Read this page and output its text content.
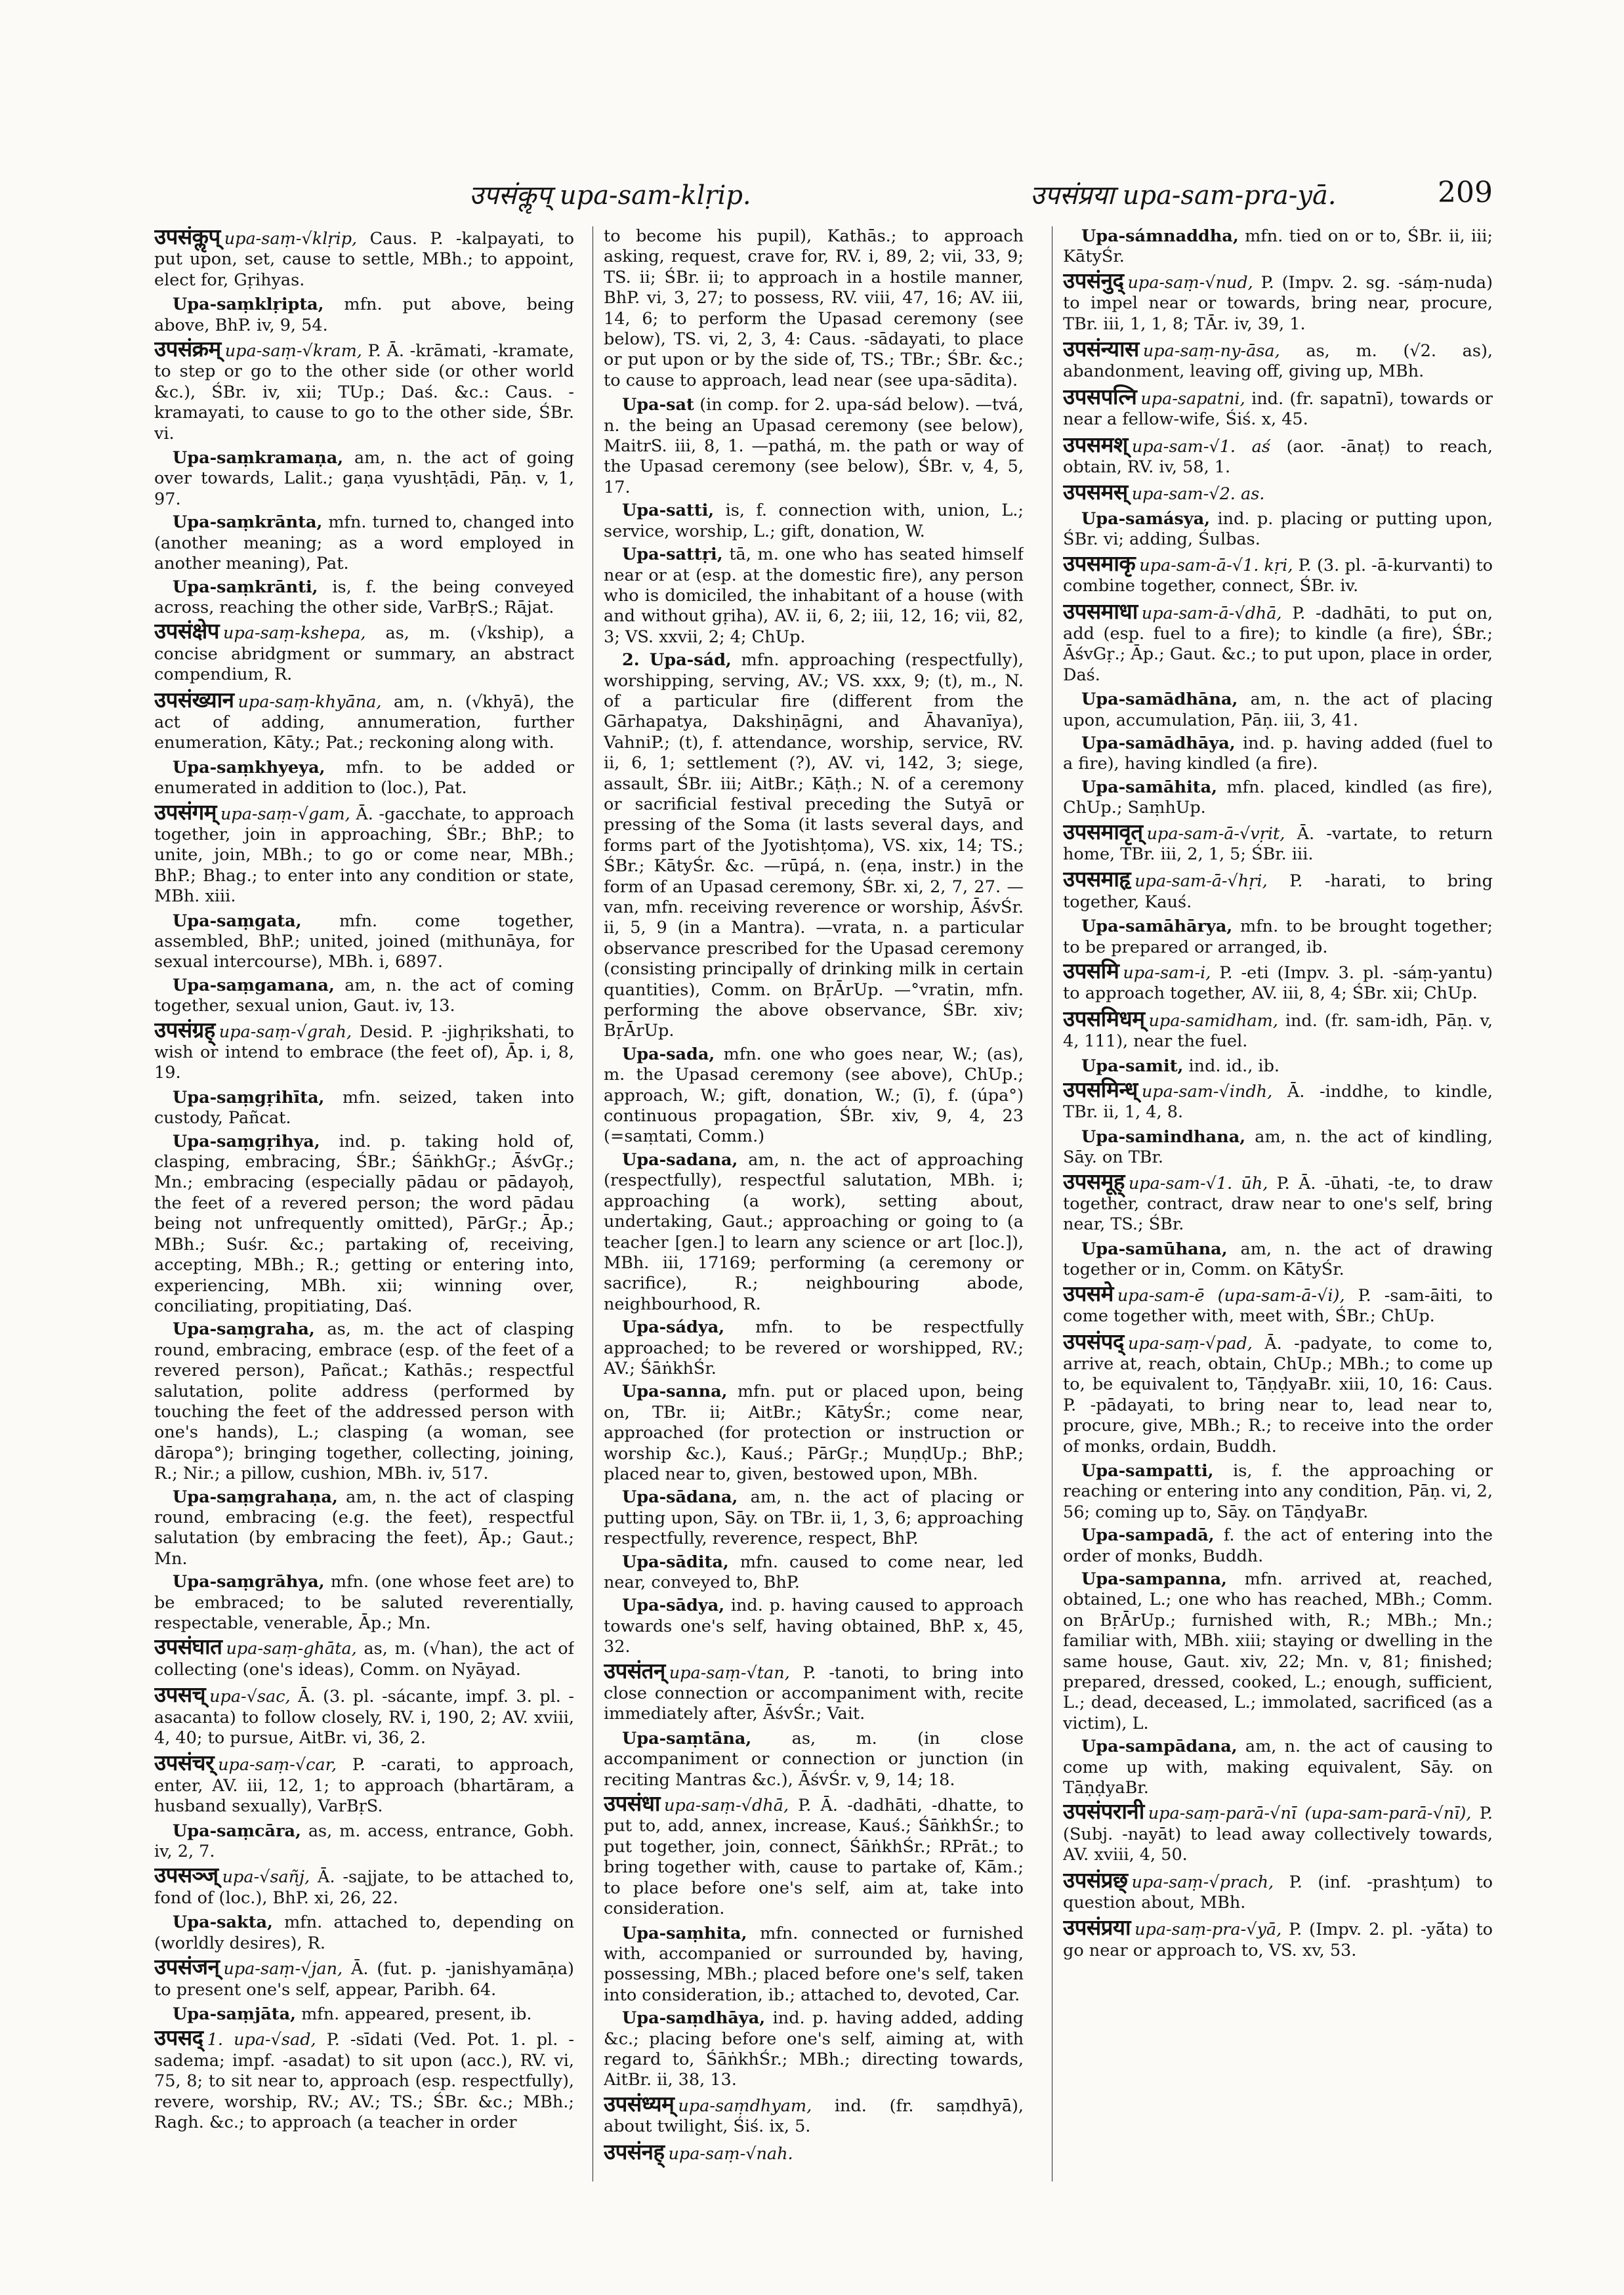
उपसंकॢप् upa-sam-klṛip.	उपसंप्रया upa-sam-pra-yā.	209

उपसंकॢप् upa-saṃ-√klṛip, Caus. P. -kalpayati, to put upon, set, cause to settle, MBh.; to appoint, elect for, Gṛihyas.

Upa-saṃklṛipta, mfn. put above, being above, BhP. iv, 9, 54.

उपसंक्रम् upa-saṃ-√kram, P. Ā. -krāmati, -kramate, to step or go to the other side (or other world &c.), ŚBr. iv, xii; TUp.; Daś. &c.: Caus. -kramayati, to cause to go to the other side, ŚBr. vi.

Upa-saṃkramaṇa, am, n. the act of going over towards, Lalit.; gaṇa vyushṭādi, Pāṇ. v, 1, 97.

Upa-saṃkrānta, mfn. turned to, changed into (another meaning; as a word employed in another meaning), Pat.

Upa-saṃkrānti, is, f. the being conveyed across, reaching the other side, VarBṛS.; Rājat.

उपसंक्षेप upa-saṃ-kshepa, as, m. (√kship), a concise abridgment or summary, an abstract compendium, R.

उपसंख्यान upa-saṃ-khyāna, am, n. (√khyā), the act of adding, annumeration, further enumeration, Kāty.; Pat.; reckoning along with.

Upa-saṃkhyeya, mfn. to be added or enumerated in addition to (loc.), Pat.

उपसंगम् upa-saṃ-√gam, Ā. -gacchate, to approach together, join in approaching, ŚBr.; BhP.; to unite, join, MBh.; to go or come near, MBh.; BhP.; Bhag.; to enter into any condition or state, MBh. xiii.

Upa-saṃgata, mfn. come together, assembled, BhP.; united, joined (mithunāya, for sexual intercourse), MBh. i, 6897.

Upa-saṃgamana, am, n. the act of coming together, sexual union, Gaut. iv, 13.

उपसंग्रह् upa-saṃ-√grah, Desid. P. -jighṛikshati, to wish or intend to embrace (the feet of), Āp. i, 8, 19.

Upa-saṃgṛihīta, mfn. seized, taken into custody, Pañcat.

Upa-saṃgṛihya, ind. p. taking hold of, clasping, embracing, ŚBr.; ŚāṅkhGṛ.; ĀśvGṛ.; Mn.; embracing (especially pādau or pādayoḥ, the feet of a revered person; the word pādau being not unfrequently omitted), PārGṛ.; Āp.; MBh.; Suśr. &c.; partaking of, receiving, accepting, MBh.; R.; getting or entering into, experiencing, MBh. xii; winning over, conciliating, propitiating, Daś.

Upa-saṃgraha, as, m. the act of clasping round, embracing, embrace (esp. of the feet of a revered person), Pañcat.; Kathās.; respectful salutation, polite address (performed by touching the feet of the addressed person with one's hands), L.; clasping (a woman, see dāropa°); bringing together, collecting, joining, R.; Nir.; a pillow, cushion, MBh. iv, 517.

Upa-saṃgrahaṇa, am, n. the act of clasping round, embracing (e.g. the feet), respectful salutation (by embracing the feet), Āp.; Gaut.; Mn.

Upa-saṃgrāhya, mfn. (one whose feet are) to be embraced; to be saluted reverentially, respectable, venerable, Āp.; Mn.

उपसंघात upa-saṃ-ghāta, as, m. (√han), the act of collecting (one's ideas), Comm. on Nyāyad.

उपसच् upa-√sac, Ā. (3. pl. -sácante, impf. 3. pl. -asacanta) to follow closely, RV. i, 190, 2; AV. xviii, 4, 40; to pursue, AitBr. vi, 36, 2.

उपसंचर् upa-saṃ-√car, P. -carati, to approach, enter, AV. iii, 12, 1; to approach (bhartāram, a husband sexually), VarBṛS.

Upa-saṃcāra, as, m. access, entrance, Gobh. iv, 2, 7.

उपसञ्ज् upa-√sañj, Ā. -sajjate, to be attached to, fond of (loc.), BhP. xi, 26, 22.

Upa-sakta, mfn. attached to, depending on (worldly desires), R.

उपसंजन् upa-saṃ-√jan, Ā. (fut. p. -janishyamāṇa) to present one's self, appear, Paribh. 64.

Upa-saṃjāta, mfn. appeared, present, ib.

उपसद् 1. upa-√sad, P. -sīdati (Ved. Pot. 1. pl. -sadema; impf. -asadat) to sit upon (acc.), RV. vi, 75, 8; to sit near to, approach (esp. respectfully), revere, worship, RV.; AV.; TS.; ŚBr. &c.; MBh.; Ragh. &c.; to approach (a teacher in order

to become his pupil), Kathās.; to approach asking, request, crave for, RV. i, 89, 2; vii, 33, 9; TS. ii; ŚBr. ii; to approach in a hostile manner, BhP. vi, 3, 27; to possess, RV. viii, 47, 16; AV. iii, 14, 6; to perform the Upasad ceremony (see below), TS. vi, 2, 3, 4: Caus. -sādayati, to place or put upon or by the side of, TS.; TBr.; ŚBr. &c.; to cause to approach, lead near (see upa-sādita).

Upa-sat (in comp. for 2. upa-sád below). —tvá, n. the being an Upasad ceremony (see below), MaitrS. iii, 8, 1. —pathá, m. the path or way of the Upasad ceremony (see below), ŚBr. v, 4, 5, 17.

Upa-satti, is, f. connection with, union, L.; service, worship, L.; gift, donation, W.

Upa-sattṛi, tā, m. one who has seated himself near or at (esp. at the domestic fire), any person who is domiciled, the inhabitant of a house (with and without gṛiha), AV. ii, 6, 2; iii, 12, 16; vii, 82, 3; VS. xxvii, 2; 4; ChUp.

2. Upa-sád, mfn. approaching (respectfully), worshipping, serving, AV.; VS. xxx, 9; (t), m., N. of a particular fire (different from the Gārhapatya, Dakshiṇāgni, and Āhavanīya), VahniP.; (t), f. attendance, worship, service, RV. ii, 6, 1; settlement (?), AV. vi, 142, 3; siege, assault, ŚBr. iii; AitBr.; Kāṭh.; N. of a ceremony or sacrificial festival preceding the Sutyā or pressing of the Soma (it lasts several days, and forms part of the Jyotishṭoma), VS. xix, 14; TS.; ŚBr.; KātyŚr. &c. —rūpá, n. (eṇa, instr.) in the form of an Upasad ceremony, ŚBr. xi, 2, 7, 27. —van, mfn. receiving reverence or worship, ĀśvŚr. ii, 5, 9 (in a Mantra). —vrata, n. a particular observance prescribed for the Upasad ceremony (consisting principally of drinking milk in certain quantities), Comm. on BṛĀrUp. —°vratin, mfn. performing the above observance, ŚBr. xiv; BṛĀrUp.

Upa-sada, mfn. one who goes near, W.; (as), m. the Upasad ceremony (see above), ChUp.; approach, W.; gift, donation, W.; (ī), f. (úpa°) continuous propagation, ŚBr. xiv, 9, 4, 23 (=saṃtati, Comm.)

Upa-sadana, am, n. the act of approaching (respectfully), respectful salutation, MBh. i; approaching (a work), setting about, undertaking, Gaut.; approaching or going to (a teacher [gen.] to learn any science or art [loc.]), MBh. iii, 17169; performing (a ceremony or sacrifice), R.; neighbouring abode, neighbourhood, R.

Upa-sádya, mfn. to be respectfully approached; to be revered or worshipped, RV.; AV.; ŚāṅkhŚr.

Upa-sanna, mfn. put or placed upon, being on, TBr. ii; AitBr.; KātyŚr.; come near, approached (for protection or instruction or worship &c.), Kauś.; PārGṛ.; MuṇḍUp.; BhP.; placed near to, given, bestowed upon, MBh.

Upa-sādana, am, n. the act of placing or putting upon, Sāy. on TBr. ii, 1, 3, 6; approaching respectfully, reverence, respect, BhP.

Upa-sādita, mfn. caused to come near, led near, conveyed to, BhP.

Upa-sādya, ind. p. having caused to approach towards one's self, having obtained, BhP. x, 45, 32.

उपसंतन् upa-saṃ-√tan, P. -tanoti, to bring into close connection or accompaniment with, recite immediately after, ĀśvŚr.; Vait.

Upa-saṃtāna, as, m. (in close accompaniment or connection or junction (in reciting Mantras &c.), ĀśvŚr. v, 9, 14; 18.

उपसंधा upa-saṃ-√dhā, P. Ā. -dadhāti, -dhatte, to put to, add, annex, increase, Kauś.; ŚāṅkhŚr.; to put together, join, connect, ŚāṅkhŚr.; RPrāt.; to bring together with, cause to partake of, Kām.; to place before one's self, aim at, take into consideration.

Upa-saṃhita, mfn. connected or furnished with, accompanied or surrounded by, having, possessing, MBh.; placed before one's self, taken into consideration, ib.; attached to, devoted, Car.

Upa-saṃdhāya, ind. p. having added, adding &c.; placing before one's self, aiming at, with regard to, ŚāṅkhŚr.; MBh.; directing towards, AitBr. ii, 38, 13.

उपसंध्यम् upa-saṃdhyam, ind. (fr. saṃdhyā), about twilight, Śiś. ix, 5.

उपसंनह् upa-saṃ-√nah.

Upa-sámnaddha, mfn. tied on or to, ŚBr. ii, iii; KātyŚr.

उपसंनुद् upa-saṃ-√nud, P. (Impv. 2. sg. -sáṃ-nuda) to impel near or towards, bring near, procure, TBr. iii, 1, 1, 8; TĀr. iv, 39, 1.

उपसंन्यास upa-saṃ-ny-āsa, as, m. (√2. as), abandonment, leaving off, giving up, MBh.

उपसपत्नि upa-sapatni, ind. (fr. sapatnī), towards or near a fellow-wife, Śiś. x, 45.

उपसमश् upa-sam-√1. aś (aor. -ānaṭ) to reach, obtain, RV. iv, 58, 1.

उपसमस् upa-sam-√2. as.

Upa-samásya, ind. p. placing or putting upon, ŚBr. vi; adding, Śulbas.

उपसमाकृ upa-sam-ā-√1. kṛi, P. (3. pl. -ā-kurvanti) to combine together, connect, ŚBr. iv.

उपसमाधा upa-sam-ā-√dhā, P. -dadhāti, to put on, add (esp. fuel to a fire); to kindle (a fire), ŚBr.; ĀśvGṛ.; Āp.; Gaut. &c.; to put upon, place in order, Daś.

Upa-samādhāna, am, n. the act of placing upon, accumulation, Pāṇ. iii, 3, 41.

Upa-samādhāya, ind. p. having added (fuel to a fire), having kindled (a fire).

Upa-samāhita, mfn. placed, kindled (as fire), ChUp.; SaṃhUp.

उपसमावृत् upa-sam-ā-√vṛit, Ā. -vartate, to return home, TBr. iii, 2, 1, 5; ŚBr. iii.

उपसमाहृ upa-sam-ā-√hṛi, P. -harati, to bring together, Kauś.

Upa-samāhārya, mfn. to be brought together; to be prepared or arranged, ib.

उपसमि upa-sam-i, P. -eti (Impv. 3. pl. -sáṃ-yantu) to approach together, AV. iii, 8, 4; ŚBr. xii; ChUp.

उपसमिधम् upa-samidham, ind. (fr. sam-idh, Pāṇ. v, 4, 111), near the fuel.

Upa-samit, ind. id., ib.

उपसमिन्ध् upa-sam-√indh, Ā. -inddhe, to kindle, TBr. ii, 1, 4, 8.

Upa-samindhana, am, n. the act of kindling, Sāy. on TBr.

उपसमूह् upa-sam-√1. ūh, P. Ā. -ūhati, -te, to draw together, contract, draw near to one's self, bring near, TS.; ŚBr.

Upa-samūhana, am, n. the act of drawing together or in, Comm. on KātyŚr.

उपसमे upa-sam-ē (upa-sam-ā-√i), P. -sam-āiti, to come together with, meet with, ŚBr.; ChUp.

उपसंपद् upa-saṃ-√pad, Ā. -padyate, to come to, arrive at, reach, obtain, ChUp.; MBh.; to come up to, be equivalent to, TāṇḍyaBr. xiii, 10, 16: Caus. P. -pādayati, to bring near to, lead near to, procure, give, MBh.; R.; to receive into the order of monks, ordain, Buddh.

Upa-sampatti, is, f. the approaching or reaching or entering into any condition, Pāṇ. vi, 2, 56; coming up to, Sāy. on TāṇḍyaBr.

Upa-sampadā, f. the act of entering into the order of monks, Buddh.

Upa-sampanna, mfn. arrived at, reached, obtained, L.; one who has reached, MBh.; Comm. on BṛĀrUp.; furnished with, R.; MBh.; Mn.; familiar with, MBh. xiii; staying or dwelling in the same house, Gaut. xiv, 22; Mn. v, 81; finished; prepared, dressed, cooked, L.; enough, sufficient, L.; dead, deceased, L.; immolated, sacrificed (as a victim), L.

Upa-sampādana, am, n. the act of causing to come up with, making equivalent, Sāy. on TāṇḍyaBr.

उपसंपरानी upa-saṃ-parā-√nī (upa-sam-parā-√nī), P. (Subj. -nayāt) to lead away collectively towards, AV. xviii, 4, 50.

उपसंप्रछ् upa-saṃ-√prach, P. (inf. -prashṭum) to question about, MBh.

उपसंप्रया upa-saṃ-pra-√yā, P. (Impv. 2. pl. -yā́ta) to go near or approach to, VS. xv, 53.
